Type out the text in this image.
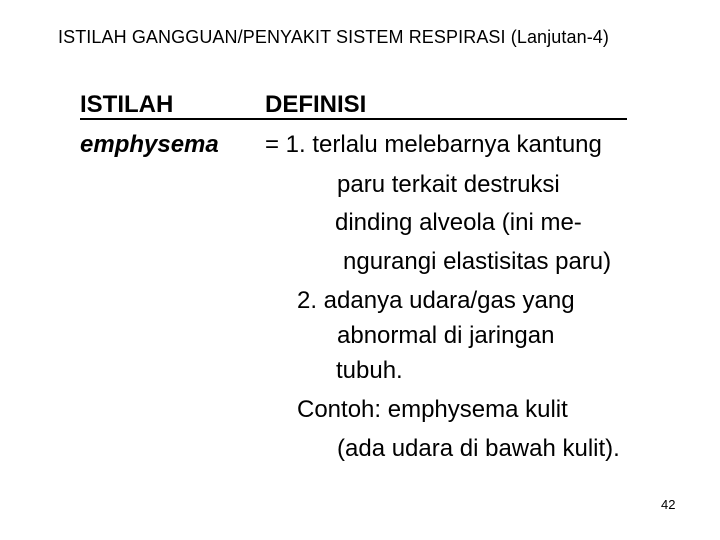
ISTILAH GANGGUAN/PENYAKIT SISTEM RESPIRASI (Lanjutan-4)
ISTILAH	DEFINISI
emphysema = 1. terlalu melebarnya kantung
paru terkait destruksi
dinding alveola (ini me-
ngurangi elastisitas paru)
2. adanya udara/gas yang
abnormal di jaringan
tubuh.
Contoh: emphysema kulit
(ada udara di bawah kulit).
42
